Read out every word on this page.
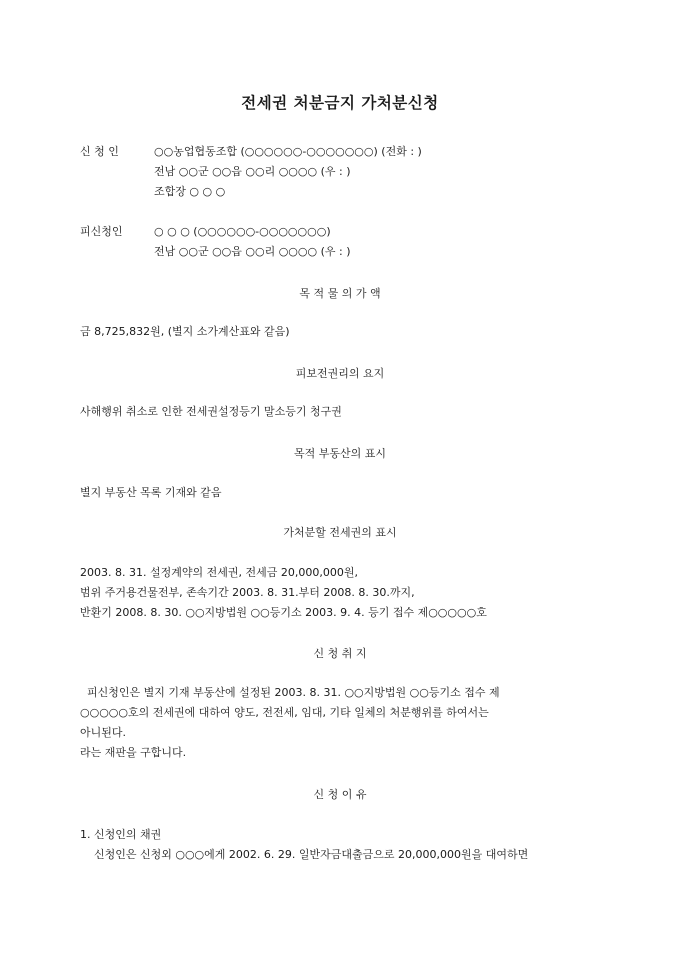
전세권 처분금지 가처분신청
신 청 인	○○농업협동조합 (○○○○○○-○○○○○○○) (전화 : )
전남 ○○군 ○○읍 ○○리 ○○○○ (우 : )
조합장 ○ ○ ○
피신청인	○ ○ ○ (○○○○○○-○○○○○○○)
전남 ○○군 ○○읍 ○○리 ○○○○ (우 : )
목 적 물 의 가 액
금 8,725,832원, (별지 소가계산표와 같음)
피보전권리의 요지
사해행위 취소로 인한 전세권설정등기 말소등기 청구권
목적 부동산의 표시
별지 부동산 목록 기재와 같음
가처분할 전세권의 표시
2003. 8. 31. 설정계약의 전세권, 전세금 20,000,000원,
범위 주거용건물전부, 존속기간 2003. 8. 31.부터 2008. 8. 30.까지,
반환기 2008. 8. 30. ○○지방법원 ○○등기소 2003. 9. 4. 등기 접수 제○○○○○호
신 청 취 지
피신청인은 별지 기재 부동산에 설정된 2003. 8. 31. ○○지방법원 ○○등기소 접수 제
○○○○○호의 전세권에 대하여 양도, 전전세, 임대, 기타 일체의 처분행위를 하여서는
아니된다.
라는 재판을 구합니다.
신 청 이 유
1. 신청인의 채권
신청인은 신청외 ○○○에게 2002. 6. 29. 일반자금대출금으로 20,000,000원을 대여하면
